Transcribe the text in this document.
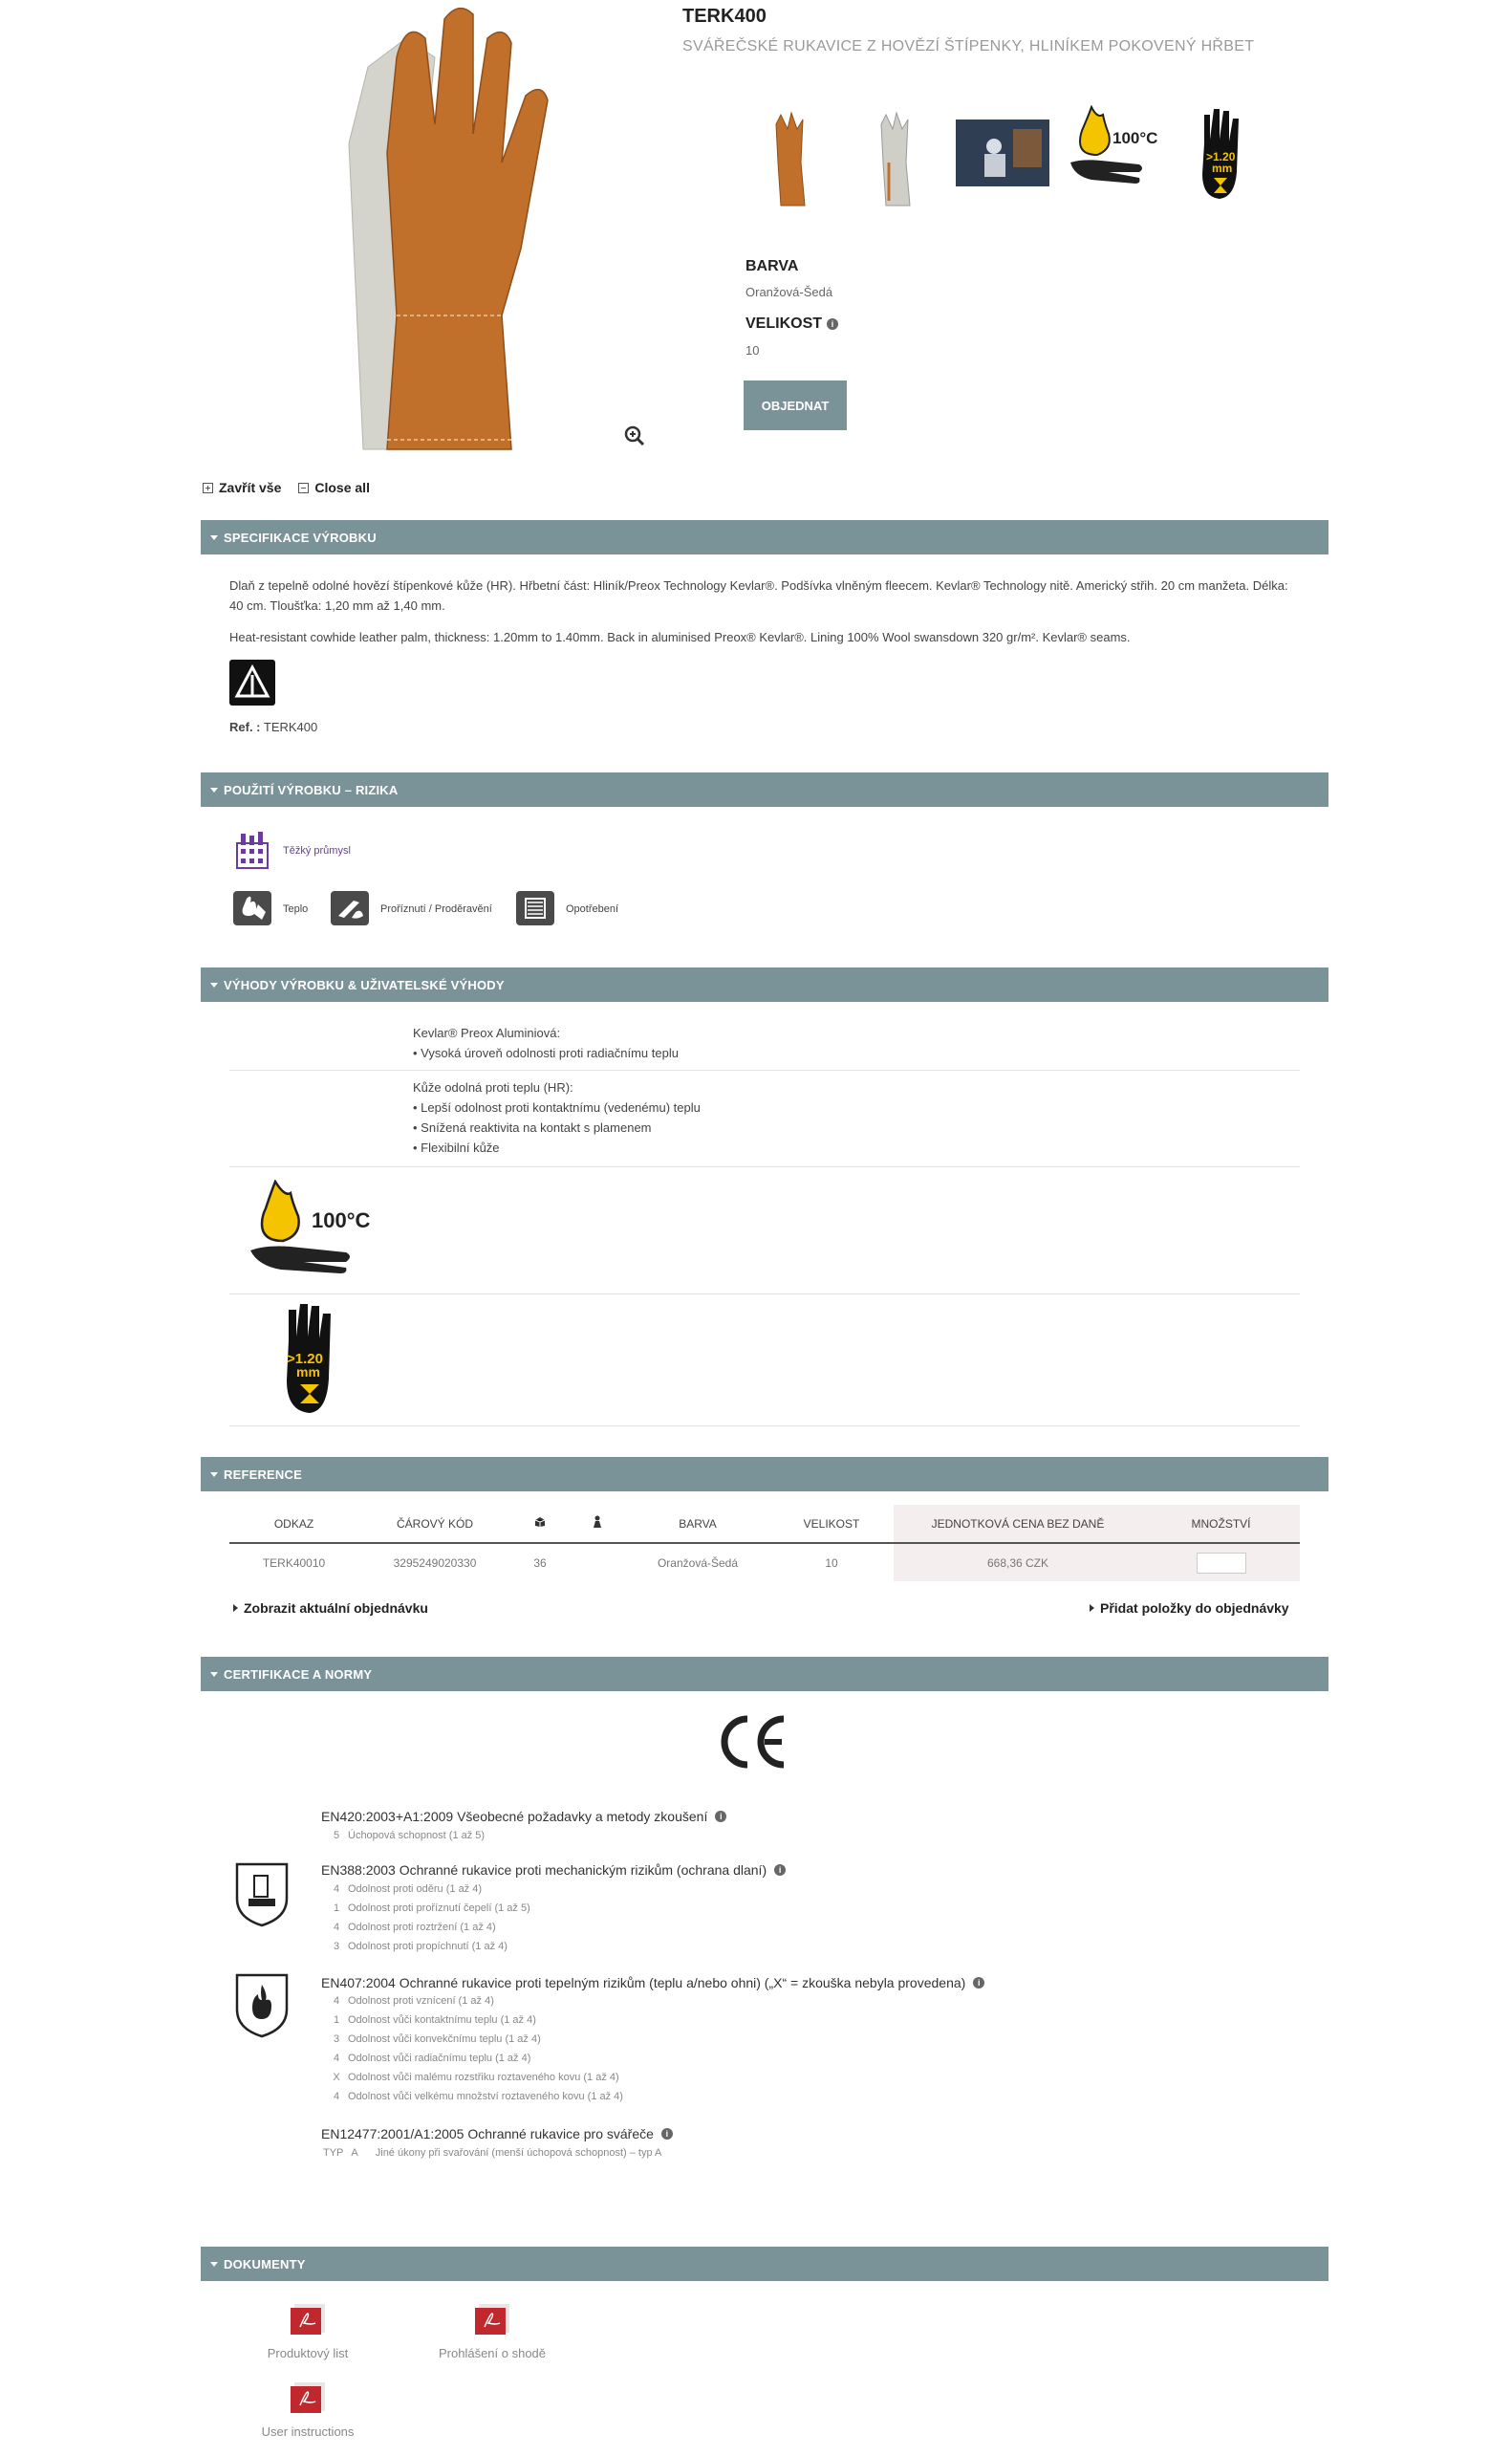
TERK400
SVÁŘEČSKÉ RUKAVICE Z HOVĚZÍ ŠTÍPENKY, HLINÍKEM POKOVENÝ HŘBET
100°C
>1.20
mm
BARVA
Oranžová-Šedá
VELIKOST	i
10
OBJEDNAT
Zavřít vše	Close all
SPECIFIKACE VÝROBKU
Dlaň z tepelně odolné hovězí štípenkové kůže (HR). Hřbetní část: Hliník/Preox Technology Kevlar®. Podšívka vlněným fleecem. Kevlar® Technology nitě. Americký střih. 20 cm manžeta. Délka: 40 cm. Tloušťka: 1,20 mm až 1,40 mm.
Heat-resistant cowhide leather palm, thickness: 1.20mm to 1.40mm. Back in aluminised Preox® Kevlar®. Lining 100% Wool swansdown 320 gr/m². Kevlar® seams.
Ref. : TERK400
POUŽITÍ VÝROBKU – RIZIKA
Těžký průmysl
Teplo	Proříznutí / Proděravění	Opotřebení
VÝHODY VÝROBKU & UŽIVATELSKÉ VÝHODY
Kevlar® Preox Aluminiová:
• Vysoká úroveň odolnosti proti radiačnímu teplu
Kůže odolná proti teplu (HR):
• Lepší odolnost proti kontaktnímu (vedenému) teplu
• Snížená reaktivita na kontakt s plamenem
• Flexibilní kůže
100°C
>1.20
mm
REFERENCE
ODKAZ	ČÁROVÝ KÓD			BARVA	VELIKOST	JEDNOTKOVÁ CENA BEZ DANĚ	MNOŽSTVÍ
TERK40010	3295249020330	36		Oranžová-Šedá	10	668,36 CZK	
Zobrazit aktuální objednávku	Přidat položky do objednávky
CERTIFIKACE A NORMY
EN420:2003+A1:2009 Všeobecné požadavky a metody zkoušení	i
5 Úchopová schopnost (1 až 5)
EN388:2003 Ochranné rukavice proti mechanickým rizikům (ochrana dlaní)	i
4 Odolnost proti oděru (1 až 4)
1 Odolnost proti proříznutí čepelí (1 až 5)
4 Odolnost proti roztržení (1 až 4)
3 Odolnost proti propíchnutí (1 až 4)
EN407:2004 Ochranné rukavice proti tepelným rizikům (teplu a/nebo ohni) („X“ = zkouška nebyla provedena)	i
4 Odolnost proti vznícení (1 až 4)
1 Odolnost vůči kontaktnímu teplu (1 až 4)
3 Odolnost vůči konvekčnímu teplu (1 až 4)
4 Odolnost vůči radiačnímu teplu (1 až 4)
X Odolnost vůči malému rozstřiku roztaveného kovu (1 až 4)
4 Odolnost vůči velkému množství roztaveného kovu (1 až 4)
EN12477:2001/A1:2005 Ochranné rukavice pro svářeče	i
TYP A Jiné úkony při svařování (menší úchopová schopnost) – typ A
DOKUMENTY
Produktový list	Prohlášení o shodě
User instructions
